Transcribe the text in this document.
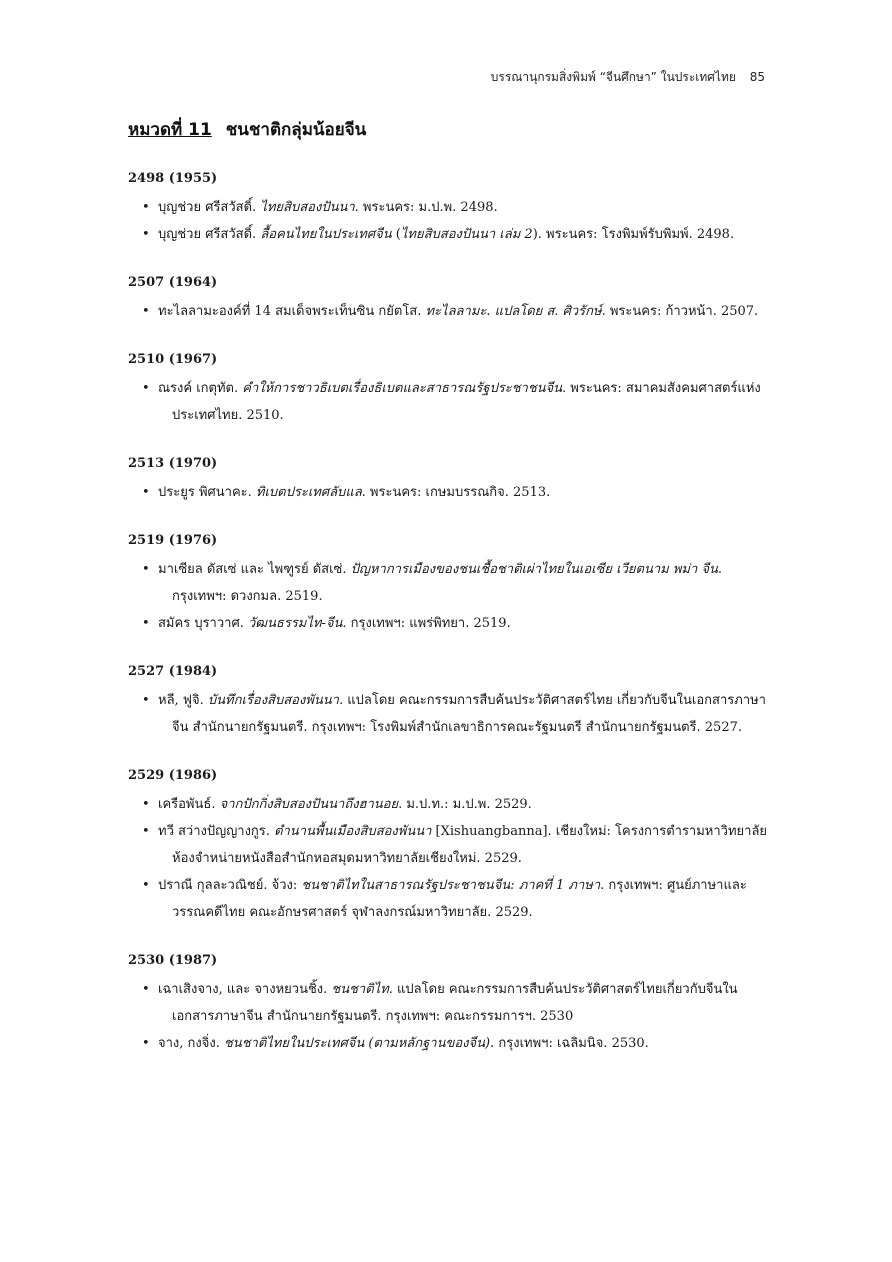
บรรณานุกรมสิ่งพิมพ์ “จีนศึกษา” ในประเทศไทย 85
หมวดที่ 11 ชนชาติกลุ่มน้อยจีน
2498 (1955)
• บุญช่วย ศรีสวัสดิ์. ไทยสิบสองปันนา. พระนคร: ม.ป.พ. 2498.
• บุญช่วย ศรีสวัสดิ์. ลื้อคนไทยในประเทศจีน (ไทยสิบสองปันนา เล่ม 2). พระนคร: โรงพิมพ์รับพิมพ์. 2498.
2507 (1964)
• ทะไลลามะองค์ที่ 14 สมเด็จพระเท็นซิน กยัตโส. ทะไลลามะ. แปลโดย ส. ศิวรักษ์. พระนคร: ก้าวหน้า. 2507.
2510 (1967)
• ณรงค์ เกตุทัต. คำให้การชาวธิเบตเรื่องธิเบตและสาธารณรัฐประชาชนจีน. พระนคร: สมาคมสังคมศาสตร์แห่งประเทศไทย. 2510.
2513 (1970)
• ประยูร พิศนาคะ. ทิเบตประเทศลับแล. พระนคร: เกษมบรรณกิจ. 2513.
2519 (1976)
• มาเซียล ดัสเซ่ และ ไพฑูรย์ ดัสเซ่. ปัญหาการเมืองของชนเชื้อชาติเผ่าไทยในเอเซีย เวียตนาม พม่า จีน. กรุงเทพฯ: ดวงกมล. 2519.
• สมัคร บุราวาศ. วัฒนธรรมไท-จีน. กรุงเทพฯ: แพร่พิทยา. 2519.
2527 (1984)
• หลี, ฟูจิ. บันทึกเรื่องสิบสองพันนา. แปลโดย คณะกรรมการสืบค้นประวัติศาสตร์ไทย เกี่ยวกับจีนในเอกสารภาษาจีน สำนักนายกรัฐมนตรี. กรุงเทพฯ: โรงพิมพ์สำนักเลขาธิการคณะรัฐมนตรี สำนักนายกรัฐมนตรี. 2527.
2529 (1986)
• เครือพันธ์. จากปักกิ่งสิบสองปันนาถึงฮานอย. ม.ป.ท.: ม.ป.พ. 2529.
• ทวี สว่างปัญญางกูร. ตำนานพื้นเมืองสิบสองพันนา [Xishuangbanna]. เชียงใหม่: โครงการตำรามหาวิทยาลัย ห้องจำหน่ายหนังสือสำนักหอสมุดมหาวิทยาลัยเชียงใหม่. 2529.
• ปราณี กุลละวณิชย์. จ้วง: ชนชาติไทในสาธารณรัฐประชาชนจีน: ภาคที่ 1 ภาษา. กรุงเทพฯ: ศูนย์ภาษาและวรรณคดีไทย คณะอักษรศาสตร์ จุฬาลงกรณ์มหาวิทยาลัย. 2529.
2530 (1987)
• เฉาเสิงจาง, และ จางหยวนชิ้ง. ชนชาติไท. แปลโดย คณะกรรมการสืบค้นประวัติศาสตร์ไทยเกี่ยวกับจีนในเอกสารภาษาจีน สำนักนายกรัฐมนตรี. กรุงเทพฯ: คณะกรรมการฯ. 2530
• จาง, กงจิ่ง. ชนชาติไทยในประเทศจีน (ตามหลักฐานของจีน). กรุงเทพฯ: เฉลิมนิจ. 2530.
